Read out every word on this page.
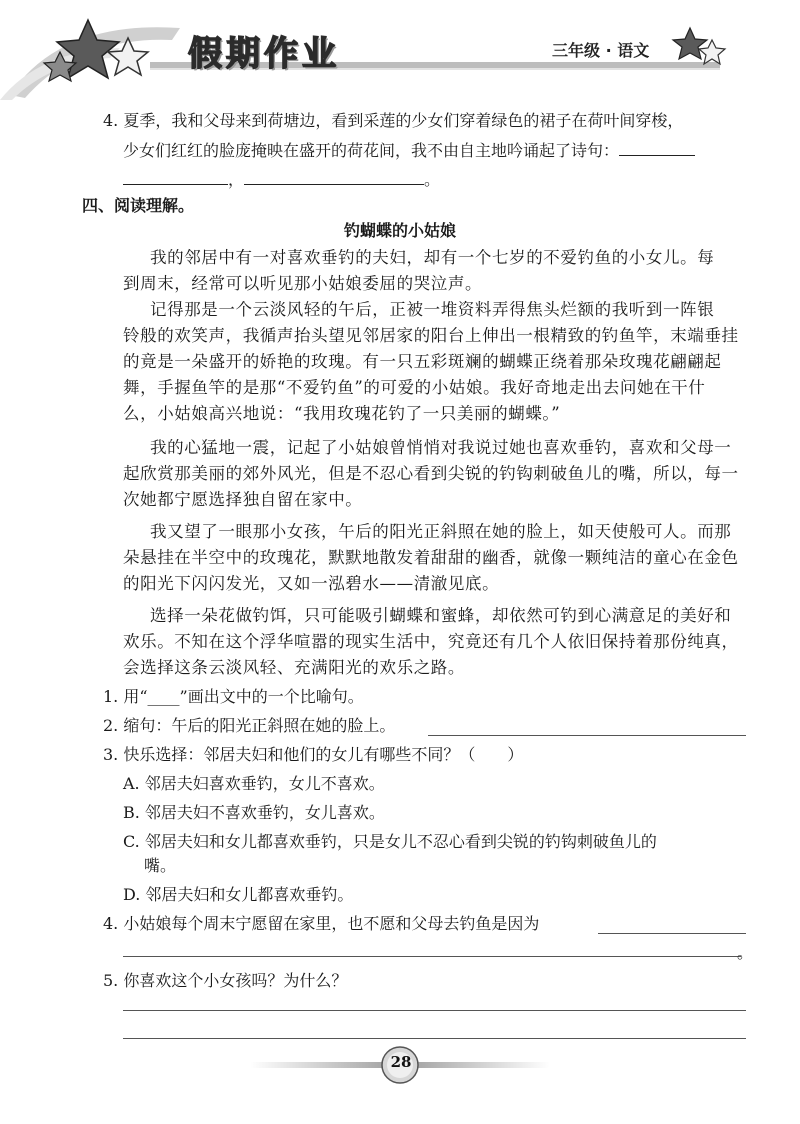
假期作业	三年级 · 语文
4. 夏季，我和父母来到荷塘边，看到采莲的少女们穿着绿色的裙子在荷叶间穿梭，
少女们红红的脸庞掩映在盛开的荷花间，我不由自主地吟诵起了诗句：
，	。
四、阅读理解。
钓蝴蝶的小姑娘
我的邻居中有一对喜欢垂钓的夫妇，却有一个七岁的不爱钓鱼的小女儿。每
到周末，经常可以听见那小姑娘委屈的哭泣声。
记得那是一个云淡风轻的午后，正被一堆资料弄得焦头烂额的我听到一阵银
铃般的欢笑声，我循声抬头望见邻居家的阳台上伸出一根精致的钓鱼竿，末端垂挂
的竟是一朵盛开的娇艳的玫瑰。有一只五彩斑斓的蝴蝶正绕着那朵玫瑰花翩翩起
舞，手握鱼竿的是那“不爱钓鱼”的可爱的小姑娘。我好奇地走出去问她在干什
么，小姑娘高兴地说：“我用玫瑰花钓了一只美丽的蝴蝶。”
我的心猛地一震，记起了小姑娘曾悄悄对我说过她也喜欢垂钓，喜欢和父母一
起欣赏那美丽的郊外风光，但是不忍心看到尖锐的钓钩刺破鱼儿的嘴，所以，每一
次她都宁愿选择独自留在家中。
我又望了一眼那小女孩，午后的阳光正斜照在她的脸上，如天使般可人。而那
朵悬挂在半空中的玫瑰花，默默地散发着甜甜的幽香，就像一颗纯洁的童心在金色
的阳光下闪闪发光，又如一泓碧水——清澈见底。
选择一朵花做钓饵，只可能吸引蝴蝶和蜜蜂，却依然可钓到心满意足的美好和
欢乐。不知在这个浮华喧嚣的现实生活中，究竟还有几个人依旧保持着那份纯真，
会选择这条云淡风轻、充满阳光的欢乐之路。
1. 用“____”画出文中的一个比喻句。
2. 缩句：午后的阳光正斜照在她的脸上。
3. 快乐选择：邻居夫妇和他们的女儿有哪些不同？（　　）
A. 邻居夫妇喜欢垂钓，女儿不喜欢。
B. 邻居夫妇不喜欢垂钓，女儿喜欢。
C. 邻居夫妇和女儿都喜欢垂钓，只是女儿不忍心看到尖锐的钓钩刺破鱼儿的
嘴。
D. 邻居夫妇和女儿都喜欢垂钓。
4. 小姑娘每个周末宁愿留在家里，也不愿和父母去钓鱼是因为
。
5. 你喜欢这个小女孩吗？为什么？
28
